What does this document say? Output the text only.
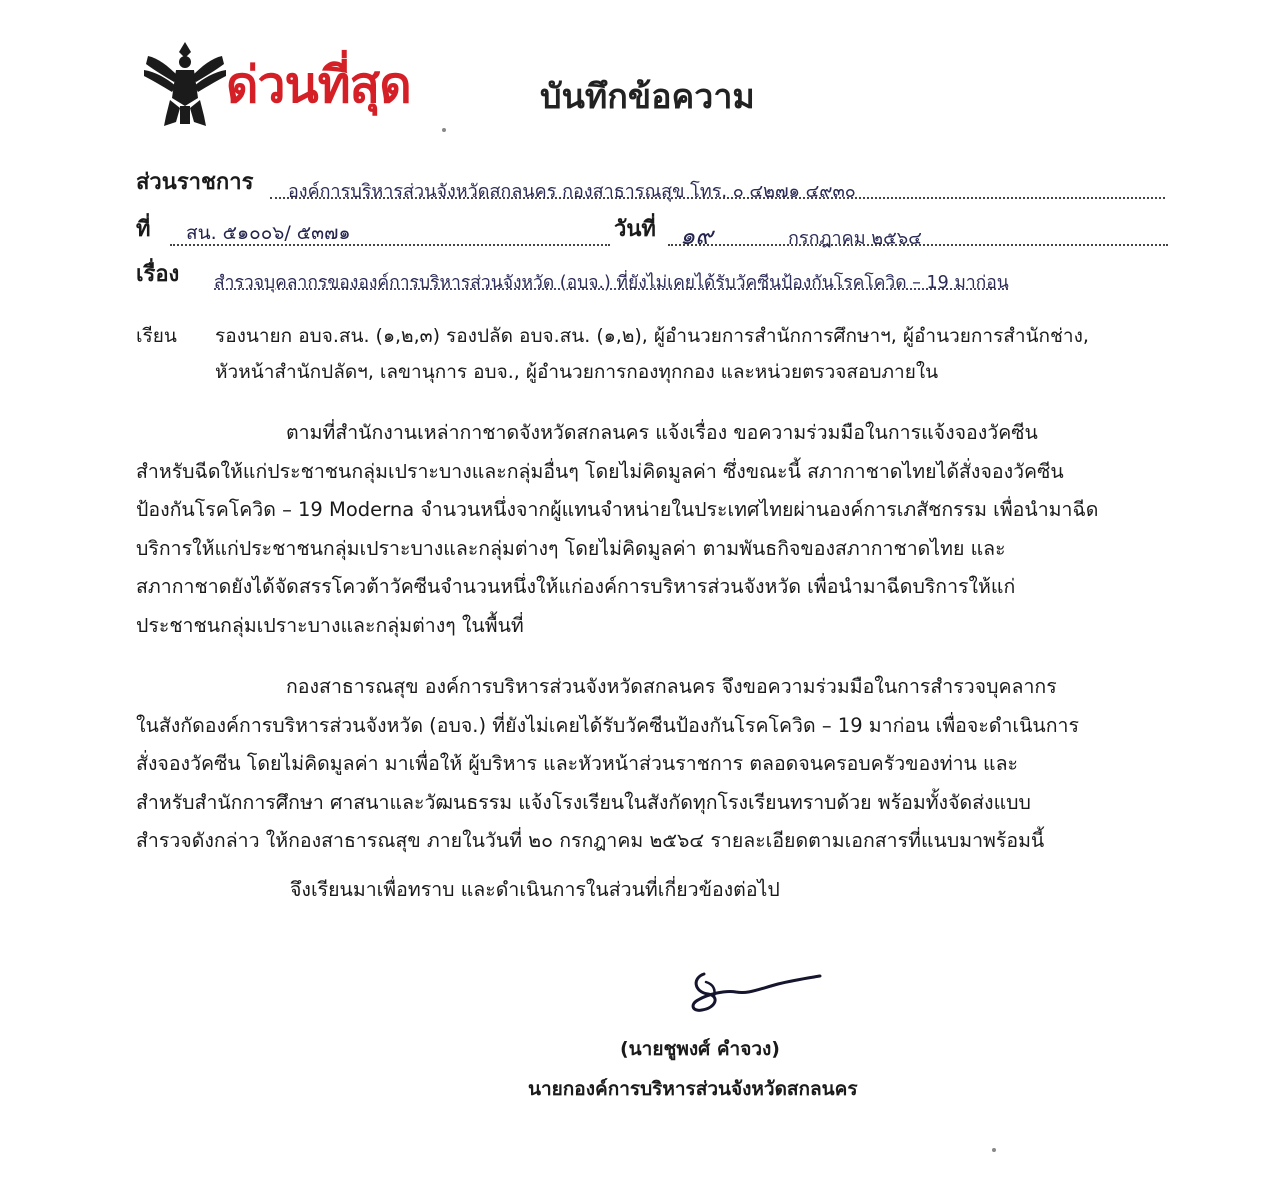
ด่วนที่สุด	บันทึกข้อความ
ส่วนราชการ องค์การบริหารส่วนจังหวัดสกลนคร กองสาธารณสุข โทร. ๐ ๔๒๗๑ ๔๙๓๐
ที่ สน. ๕๑๐๐๖/ ๕๓๗๑	วันที่ ๑๙	กรกฎาคม ๒๕๖๔
เรื่อง สำรวจบุคลากรขององค์การบริหารส่วนจังหวัด (อบจ.) ที่ยังไม่เคยได้รับวัคซีนป้องกันโรคโควิด – 19 มาก่อน
เรียน รองนายก อบจ.สน. (๑,๒,๓) รองปลัด อบจ.สน. (๑,๒), ผู้อำนวยการสำนักการศึกษาฯ, ผู้อำนวยการสำนักช่าง,
หัวหน้าสำนักปลัดฯ, เลขานุการ อบจ., ผู้อำนวยการกองทุกกอง และหน่วยตรวจสอบภายใน
ตามที่สำนักงานเหล่ากาชาดจังหวัดสกลนคร แจ้งเรื่อง ขอความร่วมมือในการแจ้งจองวัคซีน
สำหรับฉีดให้แก่ประชาชนกลุ่มเปราะบางและกลุ่มอื่นๆ โดยไม่คิดมูลค่า ซึ่งขณะนี้ สภากาชาดไทยได้สั่งจองวัคซีน
ป้องกันโรคโควิด – 19 Moderna จำนวนหนึ่งจากผู้แทนจำหน่ายในประเทศไทยผ่านองค์การเภสัชกรรม เพื่อนำมาฉีด
บริการให้แก่ประชาชนกลุ่มเปราะบางและกลุ่มต่างๆ โดยไม่คิดมูลค่า ตามพันธกิจของสภากาชาดไทย และ
สภากาชาดยังได้จัดสรรโควต้าวัคซีนจำนวนหนึ่งให้แก่องค์การบริหารส่วนจังหวัด เพื่อนำมาฉีดบริการให้แก่
ประชาชนกลุ่มเปราะบางและกลุ่มต่างๆ ในพื้นที่
กองสาธารณสุข องค์การบริหารส่วนจังหวัดสกลนคร จึงขอความร่วมมือในการสำรวจบุคลากร
ในสังกัดองค์การบริหารส่วนจังหวัด (อบจ.) ที่ยังไม่เคยได้รับวัคซีนป้องกันโรคโควิด – 19 มาก่อน เพื่อจะดำเนินการ
สั่งจองวัคซีน โดยไม่คิดมูลค่า มาเพื่อให้ ผู้บริหาร และหัวหน้าส่วนราชการ ตลอดจนครอบครัวของท่าน และ
สำหรับสำนักการศึกษา ศาสนาและวัฒนธรรม แจ้งโรงเรียนในสังกัดทุกโรงเรียนทราบด้วย พร้อมทั้งจัดส่งแบบ
สำรวจดังกล่าว ให้กองสาธารณสุข ภายในวันที่ ๒๐ กรกฎาคม ๒๕๖๔ รายละเอียดตามเอกสารที่แนบมาพร้อมนี้
จึงเรียนมาเพื่อทราบ และดำเนินการในส่วนที่เกี่ยวข้องต่อไป
(นายชูพงศ์ คำจวง)
นายกองค์การบริหารส่วนจังหวัดสกลนคร
